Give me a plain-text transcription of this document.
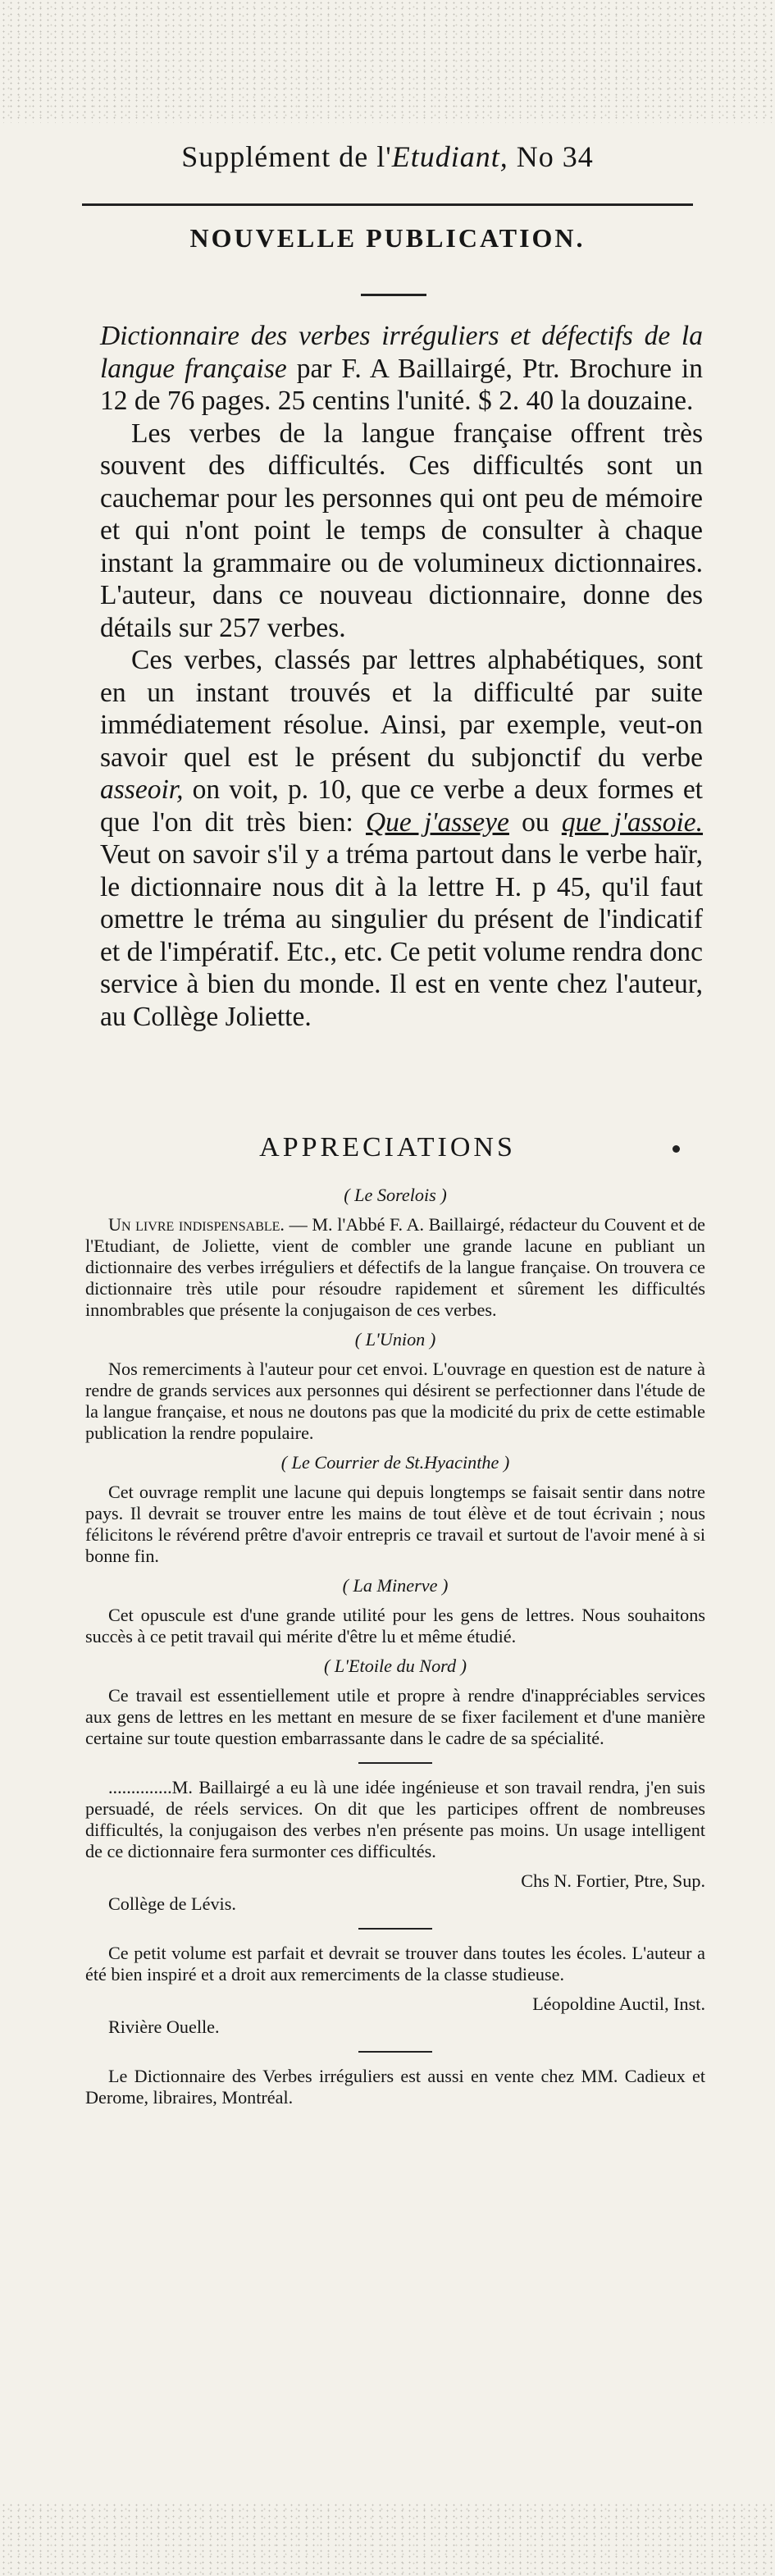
Supplément de l'Etudiant, No 34
NOUVELLE PUBLICATION.

Dictionnaire des verbes irréguliers et défectifs de la langue française par F. A Baillairgé, Ptr. Brochure in 12 de 76 pages. 25 centins l'unité. $ 2. 40 la douzaine.

Les verbes de la langue française offrent très souvent des difficultés. Ces difficultés sont un cauchemar pour les personnes qui ont peu de mémoire et qui n'ont point le temps de consulter à chaque instant la grammaire ou de volumineux dictionnaires. L'auteur, dans ce nouveau dictionnaire, donne des détails sur 257 verbes.

Ces verbes, classés par lettres alphabétiques, sont en un instant trouvés et la difficulté par suite immédiatement résolue. Ainsi, par exemple, veut-on savoir quel est le présent du subjonctif du verbe asseoir, on voit, p. 10, que ce verbe a deux formes et que l'on dit très bien: Que j'asseye ou que j'assoie. Veut on savoir s'il y a tréma partout dans le verbe haïr, le dictionnaire nous dit à la lettre H. p 45, qu'il faut omettre le tréma au singulier du présent de l'indicatif et de l'impératif. Etc., etc. Ce petit volume rendra donc service à bien du monde. Il est en vente chez l'auteur, au Collège Joliette.

APPRECIATIONS
( Le Sorelois )

Un livre indispensable. — M. l'Abbé F. A. Baillairgé, rédacteur du Couvent et de l'Etudiant, de Joliette, vient de combler une grande lacune en publiant un dictionnaire des verbes irréguliers et défectifs de la langue française. On trouvera ce dictionnaire très utile pour résoudre rapidement et sûrement les difficultés innombrables que présente la conjugaison de ces verbes.

( L'Union )

Nos remerciments à l'auteur pour cet envoi. L'ouvrage en question est de nature à rendre de grands services aux personnes qui désirent se perfectionner dans l'étude de la langue française, et nous ne doutons pas que la modicité du prix de cette estimable publication la rendre populaire.

( Le Courrier de St.Hyacinthe )

Cet ouvrage remplit une lacune qui depuis longtemps se faisait sentir dans notre pays. Il devrait se trouver entre les mains de tout élève et de tout écrivain ; nous félicitons le révérend prêtre d'avoir entrepris ce travail et surtout de l'avoir mené à si bonne fin.

( La Minerve )

Cet opuscule est d'une grande utilité pour les gens de lettres. Nous souhaitons succès à ce petit travail qui mérite d'être lu et même étudié.

( L'Etoile du Nord )

Ce travail est essentiellement utile et propre à rendre d'inappréciables services aux gens de lettres en les mettant en mesure de se fixer facilement et d'une manière certaine sur toute question embarrassante dans le cadre de sa spécialité.

..............M. Baillairgé a eu là une idée ingénieuse et son travail rendra, j'en suis persuadé, de réels services. On dit que les participes offrent de nombreuses difficultés, la conjugaison des verbes n'en présente pas moins. Un usage intelligent de ce dictionnaire fera surmonter ces difficultés.

Chs N. Fortier, Ptre, Sup.
Collège de Lévis.

Ce petit volume est parfait et devrait se trouver dans toutes les écoles. L'auteur a été bien inspiré et a droit aux remerciments de la classe studieuse.

Léopoldine Auctil, Inst.
Rivière Ouelle.

Le Dictionnaire des Verbes irréguliers est aussi en vente chez MM. Cadieux et Derome, libraires, Montréal.
